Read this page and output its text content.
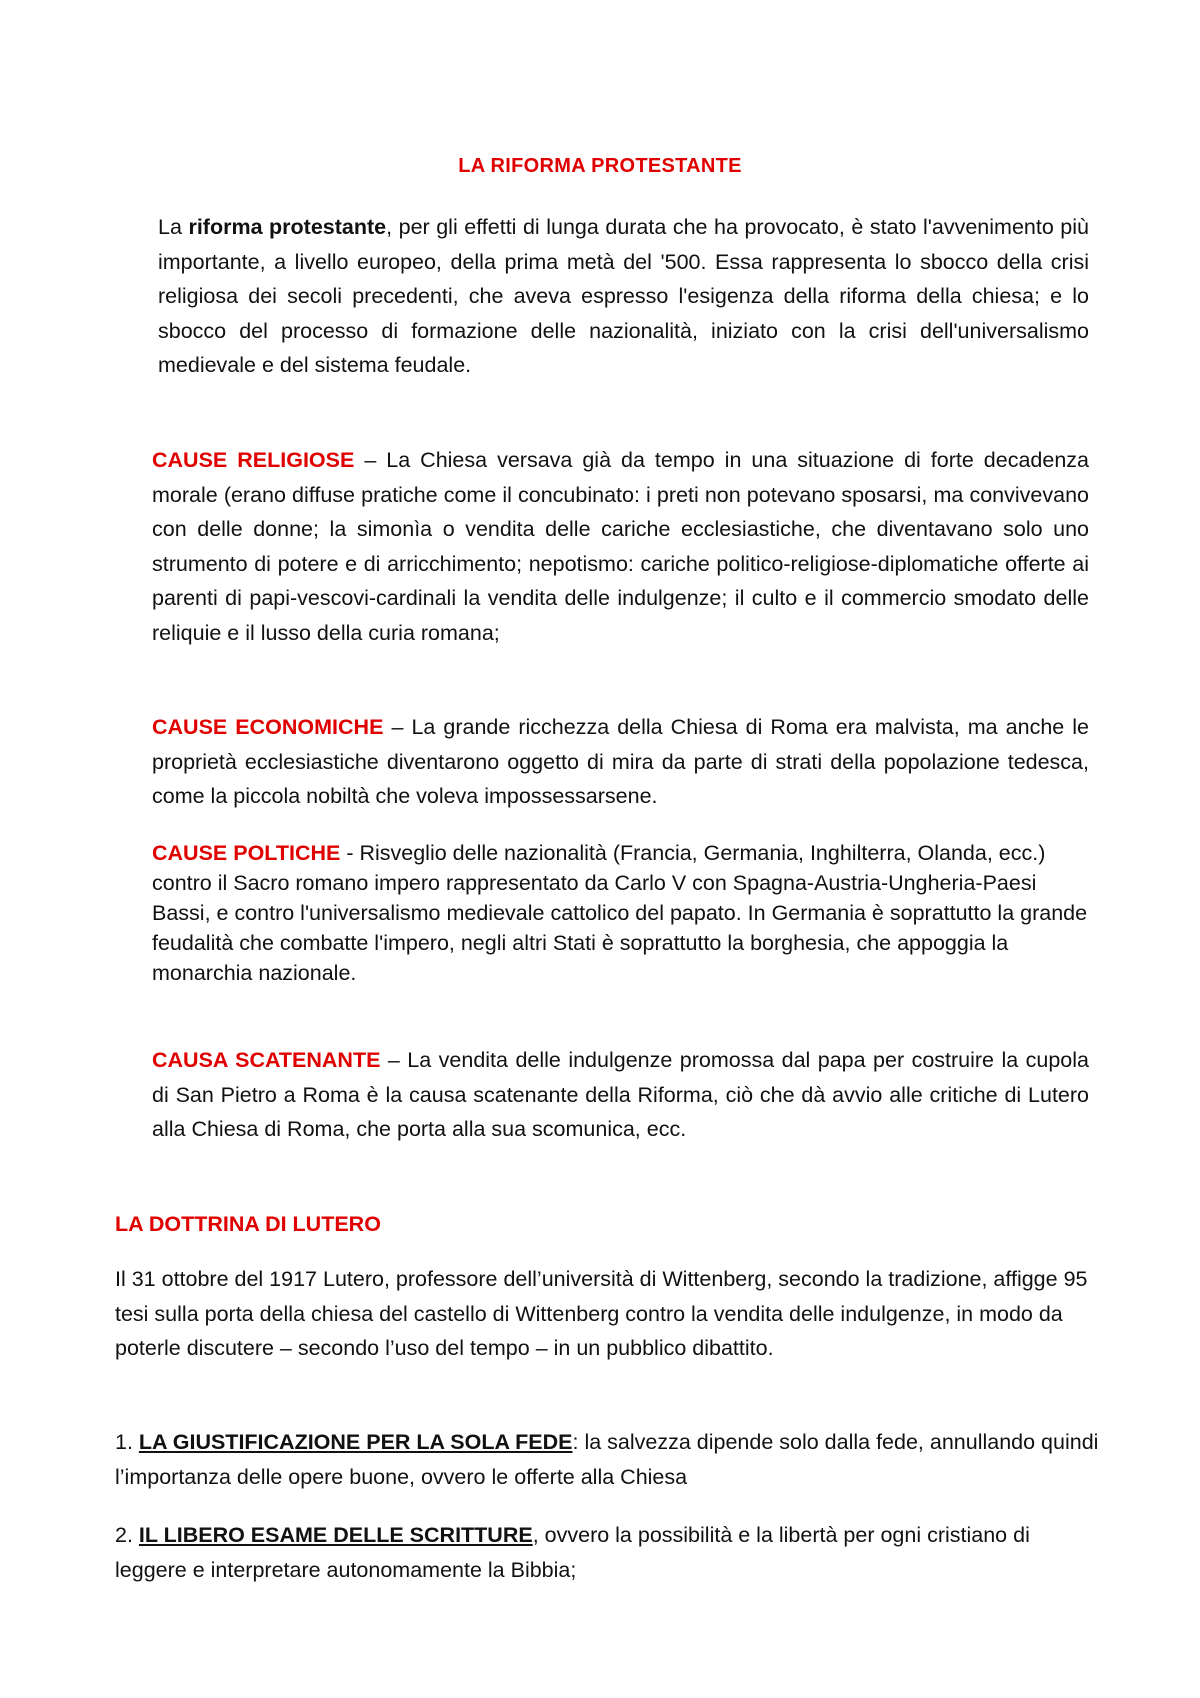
LA RIFORMA PROTESTANTE
La riforma protestante, per gli effetti di lunga durata che ha provocato, è stato l'avvenimento più importante, a livello europeo, della prima metà del '500. Essa rappresenta lo sbocco della crisi religiosa dei secoli precedenti, che aveva espresso l'esigenza della riforma della chiesa; e lo sbocco del processo di formazione delle nazionalità, iniziato con la crisi dell'universalismo medievale e del sistema feudale.
CAUSE RELIGIOSE – La Chiesa versava già da tempo in una situazione di forte decadenza morale (erano diffuse pratiche come il concubinato: i preti non potevano sposarsi, ma convivevano con delle donne; la simonìa o vendita delle cariche ecclesiastiche, che diventavano solo uno strumento di potere e di arricchimento; nepotismo: cariche politico-religiose-diplomatiche offerte ai parenti di papi-vescovi-cardinali la vendita delle indulgenze; il culto e il commercio smodato delle reliquie e il lusso della curia romana;
CAUSE ECONOMICHE – La grande ricchezza della Chiesa di Roma era malvista, ma anche le proprietà ecclesiastiche diventarono oggetto di mira da parte di strati della popolazione tedesca, come la piccola nobiltà che voleva impossessarsene.
CAUSE POLTICHE - Risveglio delle nazionalità (Francia, Germania, Inghilterra, Olanda, ecc.) contro il Sacro romano impero rappresentato da Carlo V con Spagna-Austria-Ungheria-Paesi Bassi, e contro l'universalismo medievale cattolico del papato. In Germania è soprattutto la grande feudalità che combatte l'impero, negli altri Stati è soprattutto la borghesia, che appoggia la monarchia nazionale.
CAUSA SCATENANTE – La vendita delle indulgenze promossa dal papa per costruire la cupola di San Pietro a Roma è la causa scatenante della Riforma, ciò che dà avvio alle critiche di Lutero alla Chiesa di Roma, che porta alla sua scomunica, ecc.
LA DOTTRINA DI LUTERO
Il 31 ottobre del 1917 Lutero, professore dell’università di Wittenberg, secondo la tradizione, affigge 95 tesi sulla porta della chiesa del castello di Wittenberg contro la vendita delle indulgenze, in modo da poterle discutere – secondo l’uso del tempo – in un pubblico dibattito.
1. LA GIUSTIFICAZIONE PER LA SOLA FEDE: la salvezza dipende solo dalla fede, annullando quindi l’importanza delle opere buone, ovvero le offerte alla Chiesa
2. IL LIBERO ESAME DELLE SCRITTURE, ovvero la possibilità e la libertà per ogni cristiano di leggere e interpretare autonomamente la Bibbia;
